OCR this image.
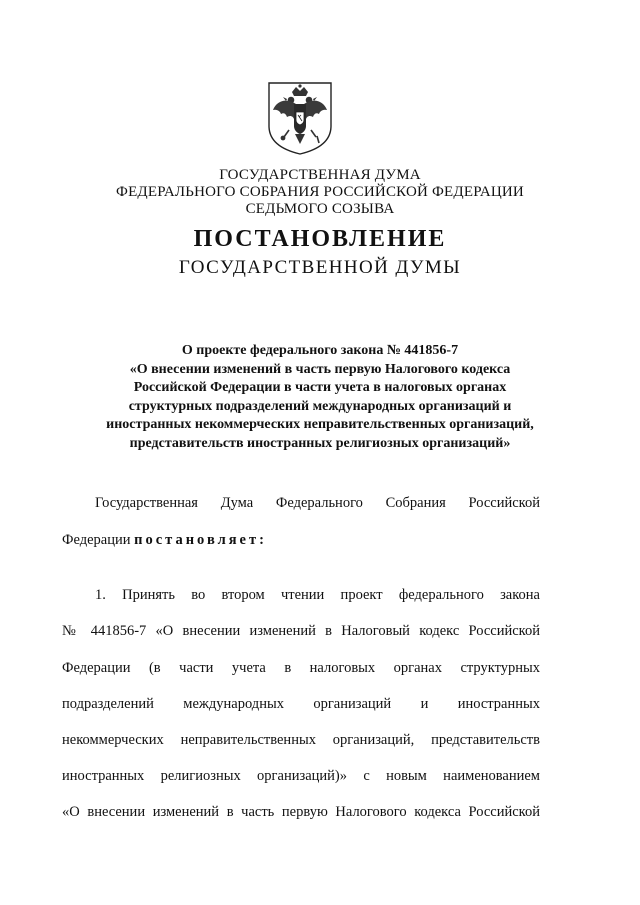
ГОСУДАРСТВЕННАЯ ДУМА
ФЕДЕРАЛЬНОГО СОБРАНИЯ РОССИЙСКОЙ ФЕДЕРАЦИИ
СЕДЬМОГО СОЗЫВА
ПОСТАНОВЛЕНИЕ
ГОСУДАРСТВЕННОЙ ДУМЫ
О проекте федерального закона № 441856-7
«О внесении изменений в часть первую Налогового кодекса
Российской Федерации в части учета в налоговых органах
структурных подразделений международных организаций и
иностранных некоммерческих неправительственных организаций,
представительств иностранных религиозных организаций»
Государственная Дума Федерального Собрания Российской
Федерации постановляет:
1. Принять во втором чтении проект федерального закона
№ 441856-7 «О внесении изменений в Налоговый кодекс Российской
Федерации (в части учета в налоговых органах структурных
подразделений международных организаций и иностранных
некоммерческих неправительственных организаций, представительств
иностранных религиозных организаций)» с новым наименованием
«О внесении изменений в часть первую Налогового кодекса Российской
